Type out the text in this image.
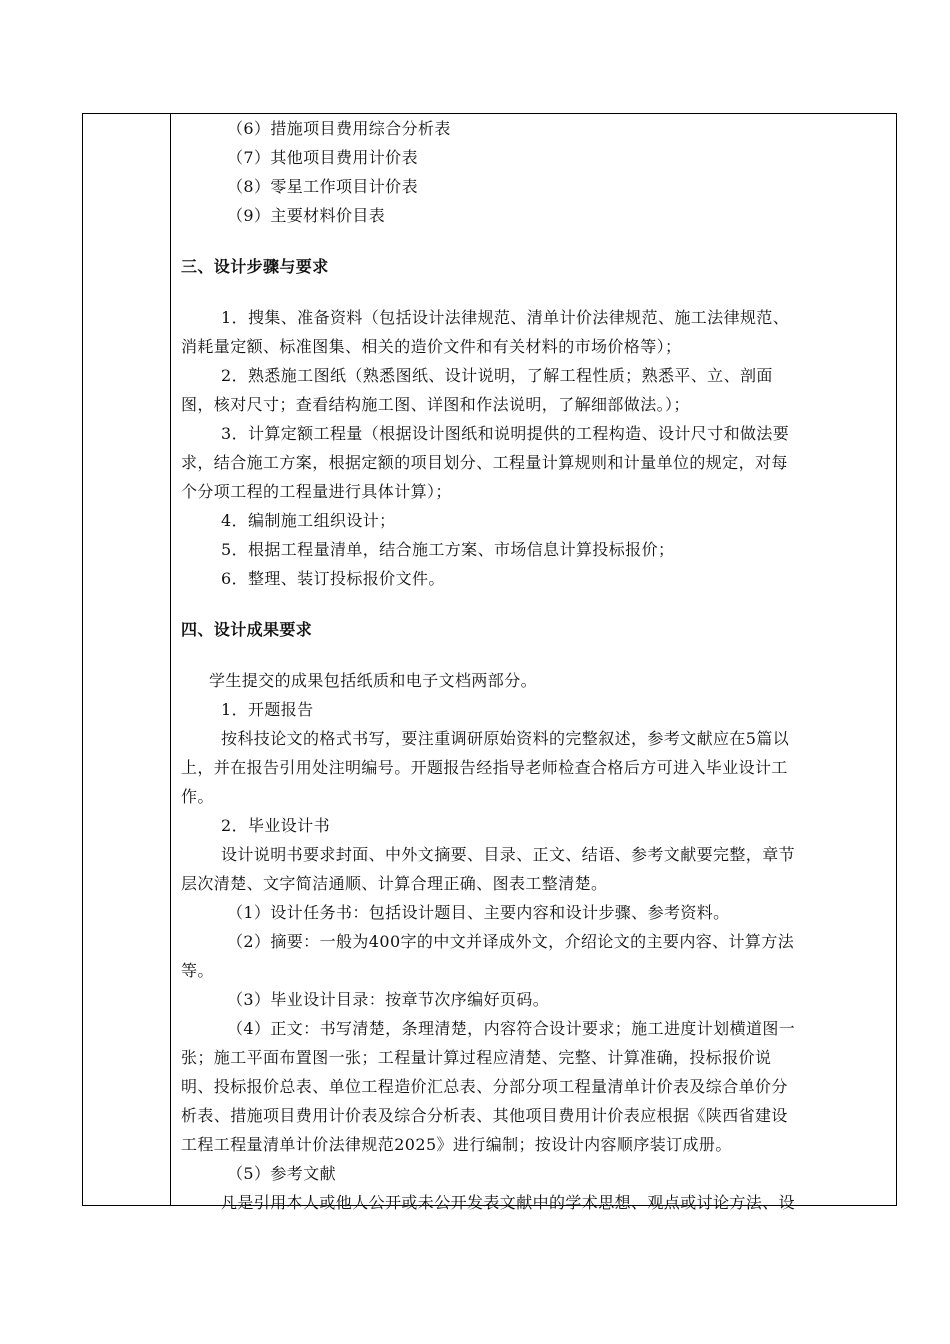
（6）措施项目费用综合分析表
（7）其他项目费用计价表
（8）零星工作项目计价表
（9）主要材料价目表
三、设计步骤与要求
1．搜集、准备资料（包括设计法律规范、清单计价法律规范、施工法律规范、
消耗量定额、标准图集、相关的造价文件和有关材料的市场价格等）；
2．熟悉施工图纸（熟悉图纸、设计说明，了解工程性质；熟悉平、立、剖面
图，核对尺寸；查看结构施工图、详图和作法说明，了解细部做法。）；
3．计算定额工程量（根据设计图纸和说明提供的工程构造、设计尺寸和做法要
求，结合施工方案，根据定额的项目划分、工程量计算规则和计量单位的规定，对每
个分项工程的工程量进行具体计算）；
4．编制施工组织设计；
5．根据工程量清单，结合施工方案、市场信息计算投标报价；
6．整理、装订投标报价文件。
四、设计成果要求
学生提交的成果包括纸质和电子文档两部分。
1．开题报告
按科技论文的格式书写，要注重调研原始资料的完整叙述，参考文献应在5篇以
上，并在报告引用处注明编号。开题报告经指导老师检查合格后方可进入毕业设计工
作。
2．毕业设计书
设计说明书要求封面、中外文摘要、目录、正文、结语、参考文献要完整，章节
层次清楚、文字简洁通顺、计算合理正确、图表工整清楚。
（1）设计任务书：包括设计题目、主要内容和设计步骤、参考资料。
（2）摘要：一般为400字的中文并译成外文，介绍论文的主要内容、计算方法
等。
（3）毕业设计目录：按章节次序编好页码。
（4）正文：书写清楚，条理清楚，内容符合设计要求；施工进度计划横道图一
张；施工平面布置图一张；工程量计算过程应清楚、完整、计算准确，投标报价说
明、投标报价总表、单位工程造价汇总表、分部分项工程量清单计价表及综合单价分
析表、措施项目费用计价表及综合分析表、其他项目费用计价表应根据《陕西省建设
工程工程量清单计价法律规范2025》进行编制；按设计内容顺序装订成册。
（5）参考文献
凡是引用本人或他人公开或未公开发表文献中的学术思想、观点或讨论方法、设
